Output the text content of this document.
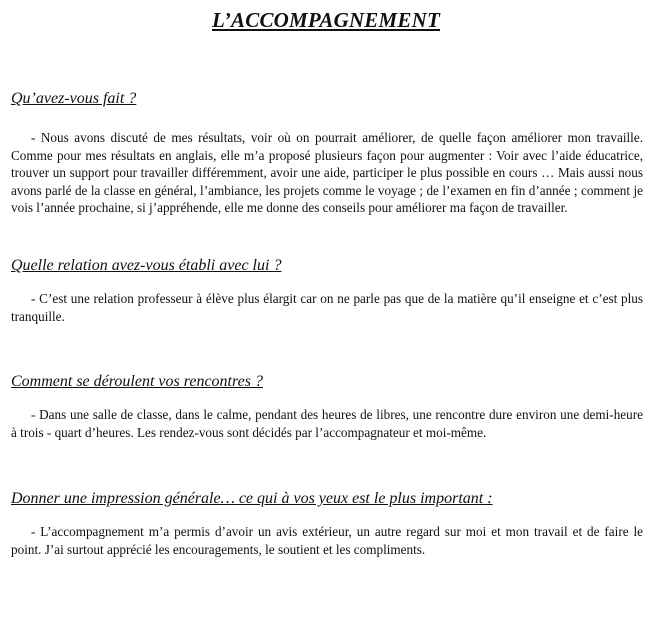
L’ACCOMPAGNEMENT

Qu’avez-vous fait ?

- Nous avons discuté de mes résultats, voir où on pourrait améliorer, de quelle façon améliorer mon travaille. Comme pour mes résultats en anglais, elle m’a proposé plusieurs façon pour augmenter : Voir avec l’aide éducatrice, trouver un support pour travailler différemment, avoir une aide, participer le plus possible en cours … Mais aussi nous avons parlé de la classe en général, l’ambiance, les projets comme le voyage ; de l’examen en fin d’année ; comment je vois l’année prochaine, si j’appréhende, elle me donne des conseils pour améliorer ma façon de travailler.

Quelle relation avez-vous établi avec lui ?

- C’est une relation professeur à élève plus élargit car on ne parle pas que de la matière qu’il enseigne et c’est plus tranquille.

Comment se déroulent vos rencontres ?

- Dans une salle de classe, dans le calme, pendant des heures de libres, une rencontre dure environ une demi-heure à trois - quart d’heures. Les rendez-vous sont décidés par l’accompagnateur et moi-même.

Donner une impression générale… ce qui à vos yeux est le plus important :

- L’accompagnement m’a permis d’avoir un avis extérieur, un autre regard sur moi et mon travail et de faire le point. J’ai surtout apprécié les encouragements, le soutient et les compliments.
